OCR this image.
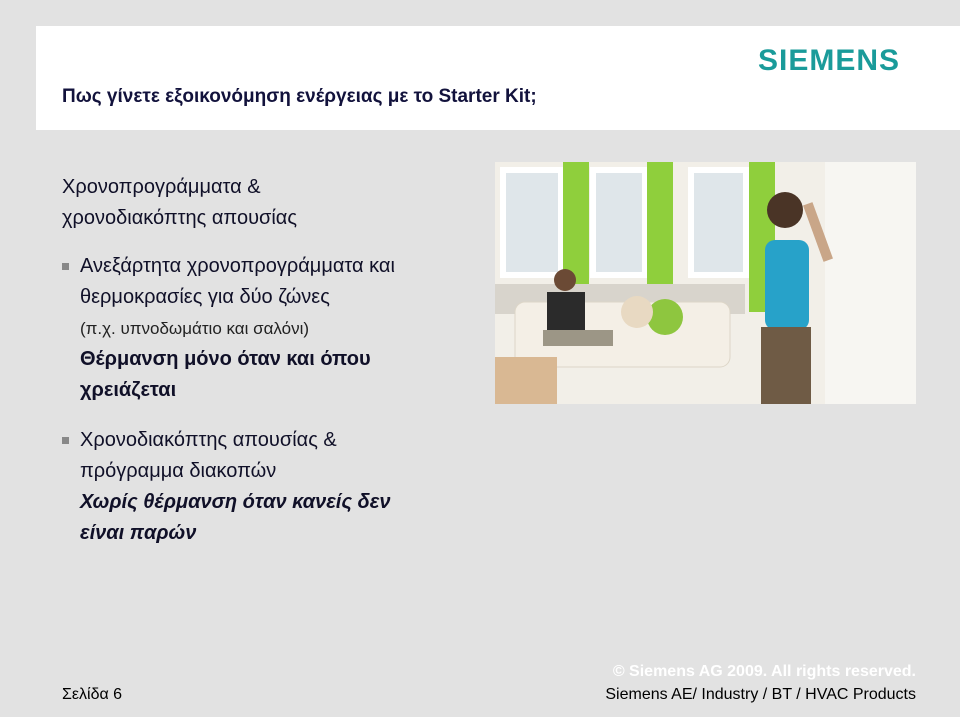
Πως γίνετε εξοικονόμηση ενέργειας με το Starter Kit;
SIEMENS
Χρονοπρογράμματα &
χρονοδιακόπτης απουσίας
Ανεξάρτητα χρονοπρογράμματα και
θερμοκρασίες για δύο ζώνες
(π.χ. υπνοδωμάτιο και σαλόνι)
Θέρμανση μόνο όταν και όπου
χρειάζεται
Χρονοδιακόπτης απουσίας &
πρόγραμμα διακοπών
Χωρίς θέρμανση όταν κανείς δεν
είναι παρών
© Siemens AG 2009. All rights reserved.
Σελίδα 6	Siemens AE/ Industry / BT / HVAC Products
